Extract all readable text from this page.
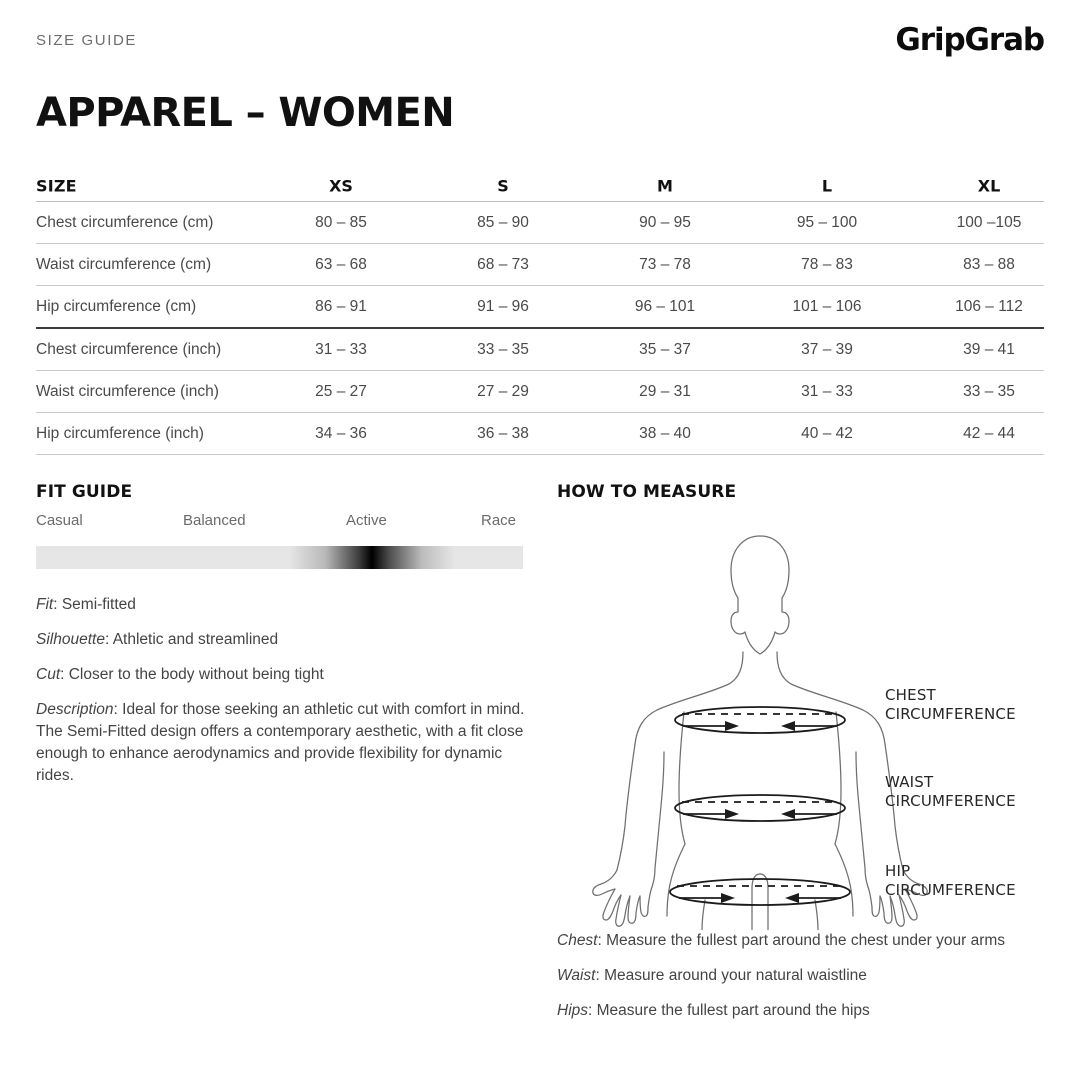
SIZE GUIDE	GripGrab
APPAREL – WOMEN
SIZE	XS	S	M	L	XL
Chest circumference (cm)	80 – 85	85 – 90	90 – 95	95 – 100	100 –105
Waist circumference (cm)	63 – 68	68 – 73	73 – 78	78 – 83	83 – 88
Hip circumference (cm)	86 – 91	91 – 96	96 – 101	101 – 106	106 – 112
Chest circumference (inch)	31 – 33	33 – 35	35 – 37	37 – 39	39 – 41
Waist circumference (inch)	25 – 27	27 – 29	29 – 31	31 – 33	33 – 35
Hip circumference (inch)	34 – 36	36 – 38	38 – 40	40 – 42	42 – 44
FIT GUIDE
Casual	Balanced	Active	Race
Fit: Semi-fitted
Silhouette: Athletic and streamlined
Cut: Closer to the body without being tight
Description: Ideal for those seeking an athletic cut with comfort in mind. The Semi-Fitted design offers a contemporary aesthetic, with a fit close enough to enhance aerodynamics and provide flexibility for dynamic rides.
HOW TO MEASURE
CHEST
CIRCUMFERENCE
WAIST
CIRCUMFERENCE
HIP
CIRCUMFERENCE
Chest: Measure the fullest part around the chest under your arms
Waist: Measure around your natural waistline
Hips: Measure the fullest part around the hips
